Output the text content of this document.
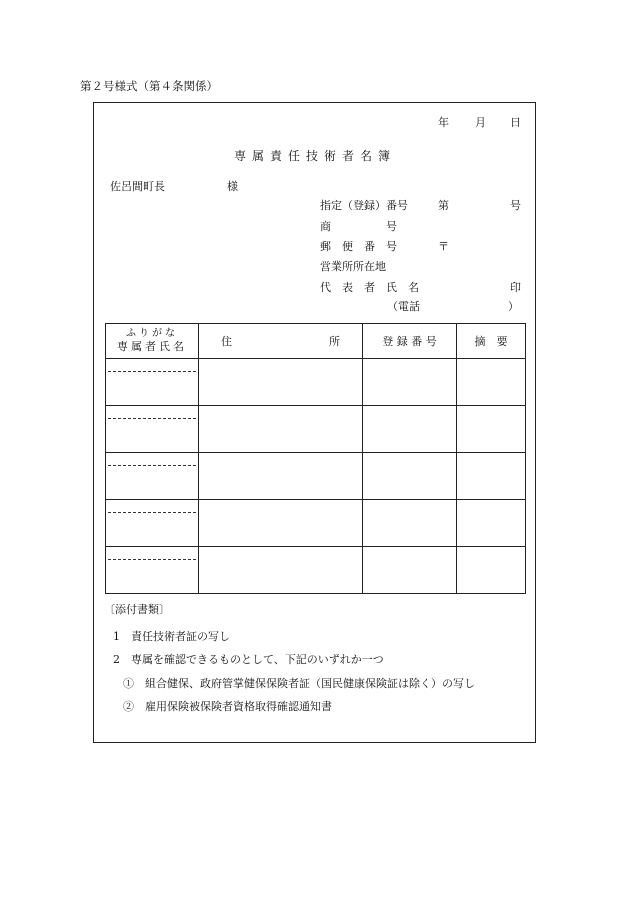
第２号様式（第４条関係）
年 月 日
専属責任技術者名簿
佐呂間町長	様
指定（登録）番号	第	号
商　　　　　号
郵　便　番　号	〒
営業所所在地
代　表　者　氏　名	印
（電話	）
ふりがな
専属者氏名	住 所	登 録 番 号	摘　要

〔添付書類〕
1　責任技術者証の写し
2　専属を確認できるものとして、下記のいずれか一つ
①　組合健保、政府管掌健保保険者証（国民健康保険証は除く）の写し
②　雇用保険被保険者資格取得確認通知書
